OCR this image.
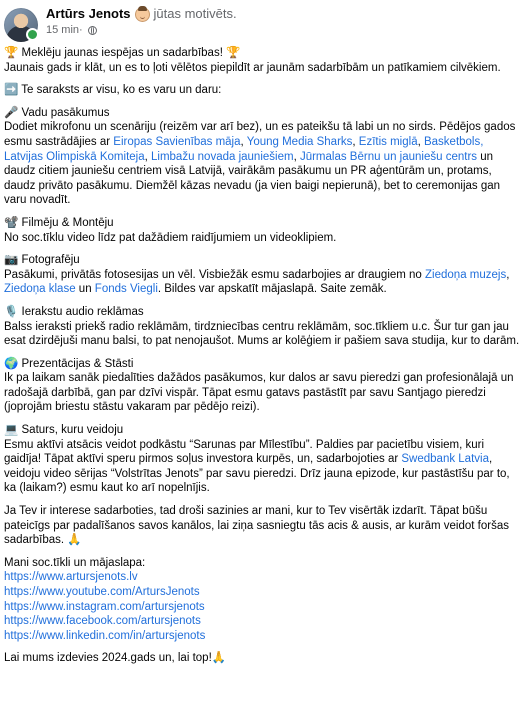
Artūrs Jenots jūtas motivēts.
15 min ·

🏆 Meklēju jaunas iespējas un sadarbības! 🏆

Jaunais gads ir klāt, un es to ļoti vēlētos piepildīt ar jaunām sadarbībām un patīkamiem cilvēkiem.

➡️ Te saraksts ar visu, ko es varu un daru:

🎤 Vadu pasākumus

Dodiet mikrofonu un scenāriju (reizēm var arī bez), un es pateikšu tā labi un no sirds. Pēdējos gados esmu sastrādājies ar Eiropas Savienības māja, Young Media Sharks, Ezītis miglā, Basketbols, Latvijas Olimpiskā Komiteja, Limbažu novada jauniešiem, Jūrmalas Bērnu un jauniešu centrs un daudz citiem jauniešu centriem visā Latvijā, vairākām pasākumu un PR aģentūrām un, protams, daudz privāto pasākumu. Diemžēl kāzas nevadu (ja vien baigi nepierunā), bet to ceremonijas gan varu novadīt.

📽️ Filmēju & Montēju

No soc.tīklu video līdz pat dažādiem raidījumiem un videoklipiem.

📷 Fotografēju

Pasākumi, privātās fotosesijas un vēl. Visbiežāk esmu sadarbojies ar draugiem no Ziedoņa muzejs, Ziedoņa klase un Fonds Viegli. Bildes var apskatīt mājaslapā. Saite zemāk.

🎙️ Ierakstu audio reklāmas

Balss ieraksti priekš radio reklāmām, tirdzniecības centru reklāmām, soc.tīkliem u.c. Šur tur gan jau esat dzirdējuši manu balsi, to pat nenojaušot. Mums ar kolēģiem ir pašiem sava studija, kur to darām.

🌍 Prezentācijas & Stāsti

Ik pa laikam sanāk piedalīties dažādos pasākumos, kur dalos ar savu pieredzi gan profesionālajā un radošajā darbībā, gan par dzīvi vispār. Tāpat esmu gatavs pastāstīt par savu Santjago pieredzi (joprojām briestu stāstu vakaram par pēdējo reizi).

💻 Saturs, kuru veidoju

Esmu aktīvi atsācis veidot podkāstu “Sarunas par Mīlestību”. Paldies par pacietību visiem, kuri gaidīja! Tāpat aktīvi speru pirmos soļus investora kurpēs, un, sadarbojoties ar Swedbank Latvia, veidoju video sērijas “Volstrītas Jenots” par savu pieredzi. Drīz jauna epizode, kur pastāstīšu par to, ka (laikam?) esmu kaut ko arī nopelnījis.

Ja Tev ir interese sadarboties, tad droši sazinies ar mani, kur to Tev visērtāk izdarīt. Tāpat būšu pateicīgs par padalīšanos savos kanālos, lai ziņa sasniegtu tās acis & ausis, ar kurām veidot foršas sadarbības. 🙏

Mani soc.tīkli un mājaslapa:

https://www.artursjenots.lv

https://www.youtube.com/ArtursJenots

https://www.instagram.com/artursjenots

https://www.facebook.com/artursjenots

https://www.linkedin.com/in/artursjenots

Lai mums izdevies 2024.gads un, lai top!🙏
